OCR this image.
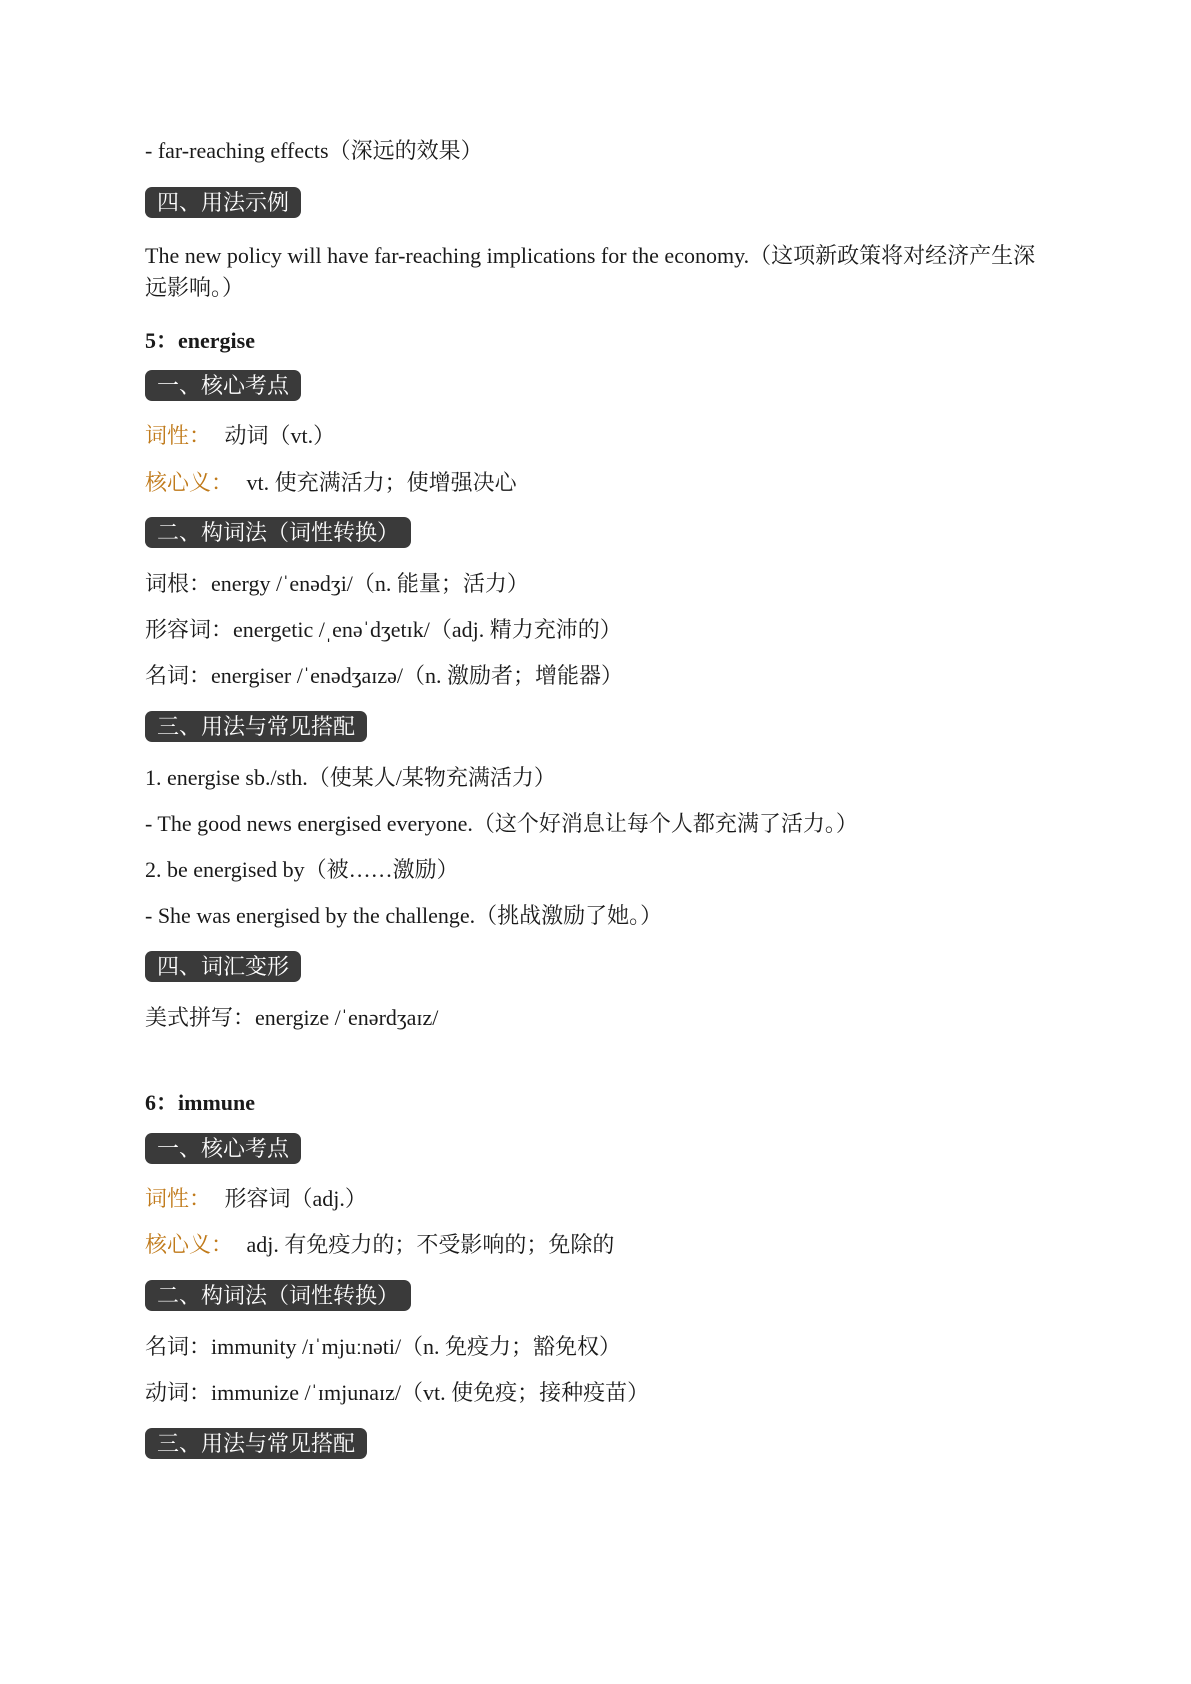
- far-reaching effects（深远的效果）
四、用法示例
The new policy will have far-reaching implications for the economy.（这项新政策将对经济产生深远影响。）
5：energise
一、核心考点
词性： 动词（vt.）
核心义： vt. 使充满活力；使增强决心
二、构词法（词性转换）
词根：energy /ˈenədʒi/（n. 能量；活力）
形容词：energetic /ˌenəˈdʒetɪk/（adj. 精力充沛的）
名词：energiser /ˈenədʒaɪzə/（n. 激励者；增能器）
三、用法与常见搭配
1. energise sb./sth.（使某人/某物充满活力）
- The good news energised everyone.（这个好消息让每个人都充满了活力。）
2. be energised by（被……激励）
- She was energised by the challenge.（挑战激励了她。）
四、词汇变形
美式拼写：energize /ˈenərdʒaɪz/
6：immune
一、核心考点
词性： 形容词（adj.）
核心义： adj. 有免疫力的；不受影响的；免除的
二、构词法（词性转换）
名词：immunity /ɪˈmjuːnəti/（n. 免疫力；豁免权）
动词：immunize /ˈɪmjunaɪz/（vt. 使免疫；接种疫苗）
三、用法与常见搭配
